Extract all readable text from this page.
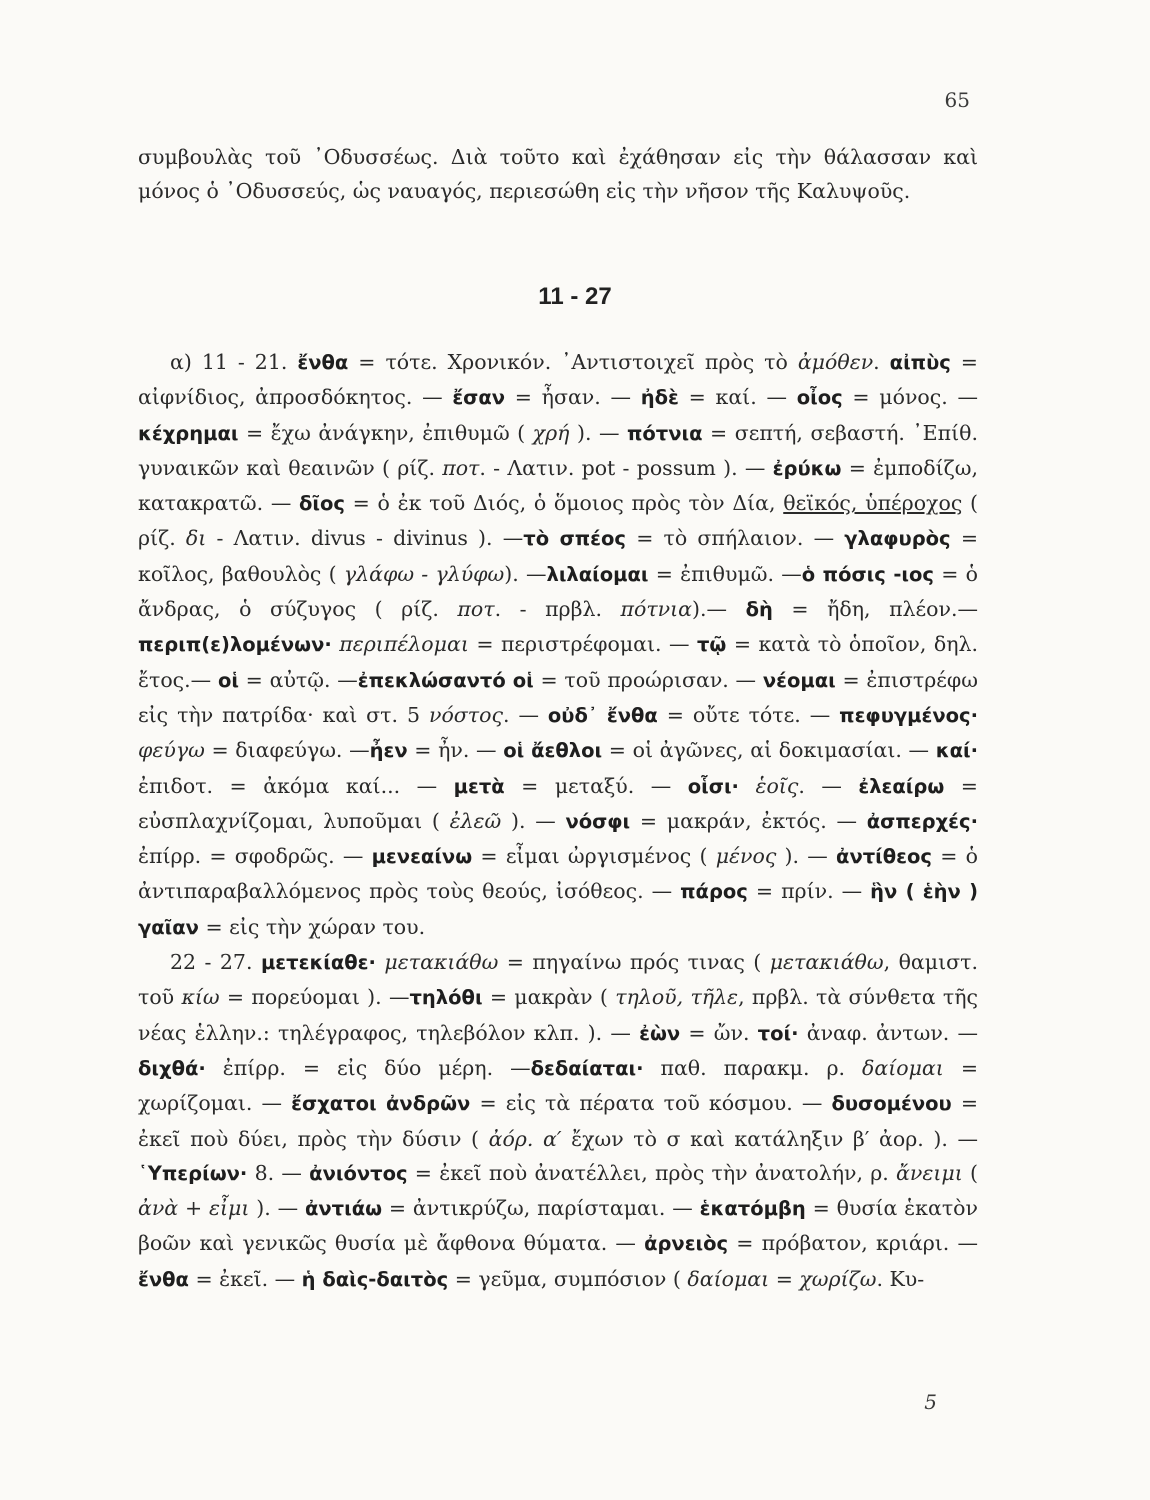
65

συμβουλὰς τοῦ ᾿Οδυσσέως. Διὰ τοῦτο καὶ ἐχάθησαν εἰς τὴν θάλασσαν καὶ μόνος ὁ ᾿Οδυσσεύς, ὡς ναυαγός, περιεσώθη εἰς τὴν νῆσον τῆς Καλυψοῦς.

11 - 27

α) 11 - 21. ἔνθα = τότε. Χρονικόν. ᾿Αντιστοιχεῖ πρὸς τὸ ἀμόθεν. αἰπὺς = αἰφνίδιος, ἀπροσδόκητος. — ἔσαν = ἦσαν. — ἠδὲ = καί. — οἶος = μόνος. —κέχρημαι = ἔχω ἀνάγκην, ἐπιθυμῶ ( χρή ). — πότνια = σεπτή, σεβαστή. ᾿Επίθ. γυναικῶν καὶ θεαινῶν ( ρίζ. ποτ. - Λατιν. pot - possum ). — ἐρύκω = ἐμποδίζω, κατακρατῶ. — δῖος = ὁ ἐκ τοῦ Διός, ὁ ὅμοιος πρὸς τὸν Δία, θεϊκός, ὑπέροχος ( ρίζ. δι - Λατιν. divus - divinus ). —τὸ σπέος = τὸ σπήλαιον. — γλαφυρὸς = κοῖλος, βαθουλὸς ( γλάφω - γλύφω). —λιλαίομαι = ἐπιθυμῶ. —ὁ πόσις -ιος = ὁ ἄνδρας, ὁ σύζυγος ( ρίζ. ποτ. - πρβλ. πότνια).— δὴ = ἤδη, πλέον.—περιπ(ε)λομένων· περιπέλομαι = περιστρέφομαι. — τῷ = κατὰ τὸ ὁποῖον, δηλ. ἔτος.— οἱ = αὐτῷ. —ἐπεκλώσαντό οἱ = τοῦ προώρισαν. — νέομαι = ἐπιστρέφω εἰς τὴν πατρίδα· καὶ στ. 5 νόστος. — οὐδ᾿ ἔνθα = οὔτε τότε. — πεφυγμένος· φεύγω = διαφεύγω. —ἦεν = ἦν. — οἱ ἄεθλοι = οἱ ἀγῶνες, αἱ δοκιμασίαι. — καί· ἐπιδοτ. = ἀκόμα καί... — μετὰ = μεταξύ. — οἷσι· ἑοῖς. — ἐλεαίρω = εὐσπλαχνίζομαι, λυποῦμαι ( ἐλεῶ ). — νόσφι = μακράν, ἐκτός. — ἀσπερχές· ἐπίρρ. = σφοδρῶς. — μενεαίνω = εἶμαι ὠργισμένος ( μένος ). — ἀντίθεος = ὁ ἀντιπαραβαλλόμενος πρὸς τοὺς θεούς, ἰσόθεος. — πάρος = πρίν. — ἣν ( ἑὴν ) γαῖαν = εἰς τὴν χώραν του.

22 - 27. μετεκίαθε· μετακιάθω = πηγαίνω πρός τινας ( μετακιάθω, θαμιστ. τοῦ κίω = πορεύομαι ). —τηλόθι = μακρὰν ( τηλοῦ, τῆλε, πρβλ. τὰ σύνθετα τῆς νέας ἑλλην.: τηλέγραφος, τηλεβόλον κλπ. ). — ἐὼν = ὤν. τοί· ἀναφ. ἀντων. — διχθά· ἐπίρρ. = εἰς δύο μέρη. —δεδαίαται· παθ. παρακμ. ρ. δαίομαι = χωρίζομαι. — ἔσχατοι ἀνδρῶν = εἰς τὰ πέρατα τοῦ κόσμου. — δυσομένου = ἐκεῖ ποὺ δύει, πρὸς τὴν δύσιν ( ἀόρ. α′ ἔχων τὸ σ καὶ κατάληξιν β′ ἀορ. ). — ῾Υπερίων· 8. — ἀνιόντος = ἐκεῖ ποὺ ἀνατέλλει, πρὸς τὴν ἀνατολήν, ρ. ἄνειμι ( ἀνὰ + εἶμι ). — ἀντιάω = ἀντικρύζω, παρίσταμαι. — ἑκατόμβη = θυσία ἑκατὸν βοῶν καὶ γενικῶς θυσία μὲ ἄφθονα θύματα. — ἀρνειὸς = πρόβατον, κριάρι. — ἔνθα = ἐκεῖ. — ἡ δαὶς-δαιτὸς = γεῦμα, συμπόσιον ( δαίομαι = χωρίζω. Κυ-

5
